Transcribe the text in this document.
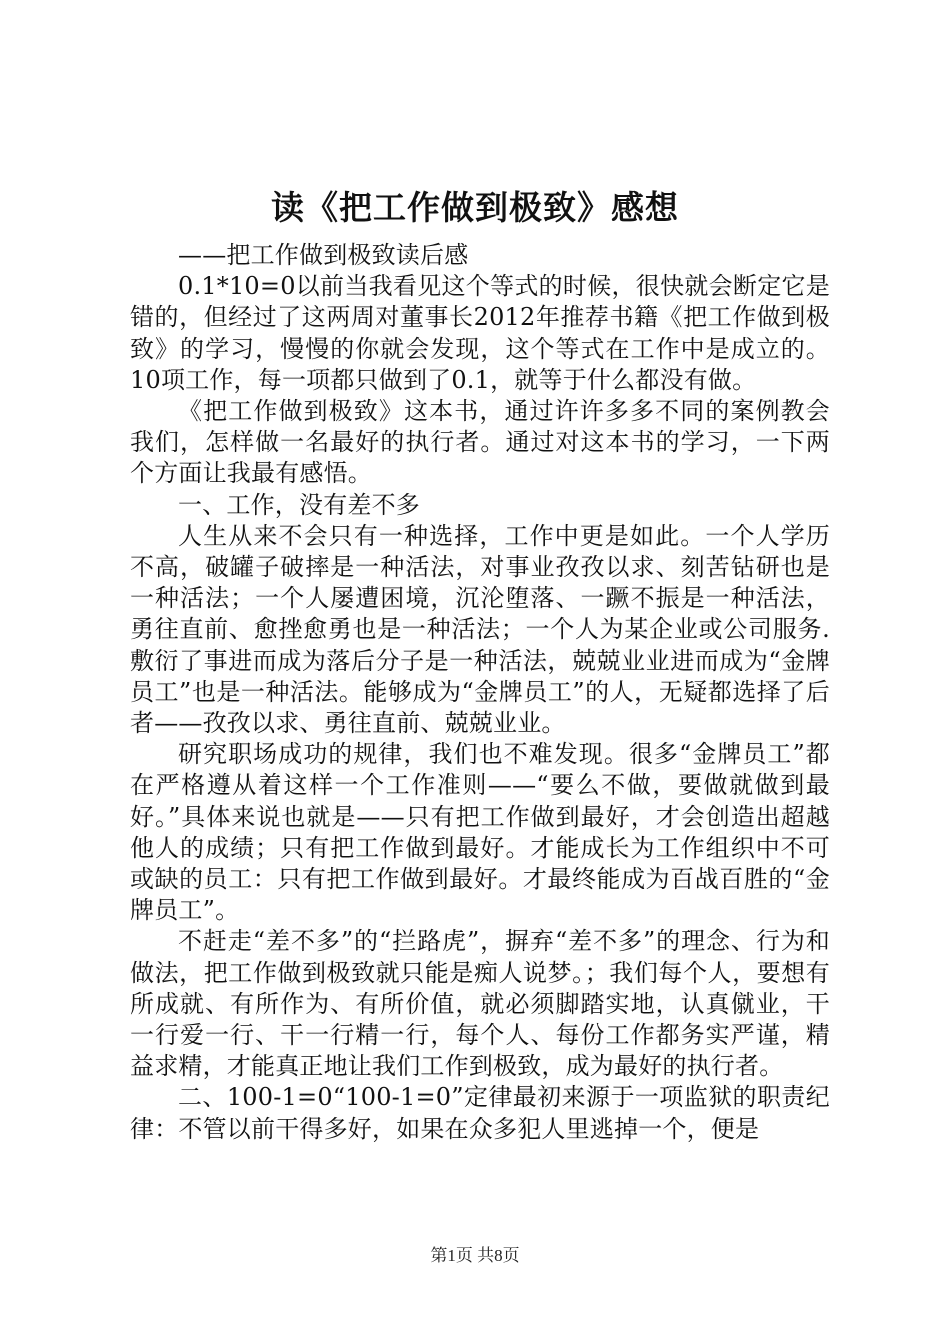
读《把工作做到极致》感想

——把工作做到极致读后感

0.1*10=0以前当我看见这个等式的时候，很快就会断定它是错的，但经过了这两周对董事长2012年推荐书籍《把工作做到极致》的学习，慢慢的你就会发现，这个等式在工作中是成立的。10项工作，每一项都只做到了0.1，就等于什么都没有做。

《把工作做到极致》这本书，通过许许多多不同的案例教会我们，怎样做一名最好的执行者。通过对这本书的学习，一下两个方面让我最有感悟。

一、工作，没有差不多

人生从来不会只有一种选择，工作中更是如此。一个人学历不高，破罐子破摔是一种活法，对事业孜孜以求、刻苦钻研也是一种活法；一个人屡遭困境，沉沦堕落、一蹶不振是一种活法，勇往直前、愈挫愈勇也是一种活法；一个人为某企业或公司服务.敷衍了事进而成为落后分子是一种活法，兢兢业业进而成为“金牌员工”也是一种活法。能够成为“金牌员工”的人，无疑都选择了后者——孜孜以求、勇往直前、兢兢业业。

研究职场成功的规律，我们也不难发现。很多“金牌员工”都在严格遵从着这样一个工作准则——“要么不做，要做就做到最好。”具体来说也就是——只有把工作做到最好，才会创造出超越他人的成绩；只有把工作做到最好。才能成长为工作组织中不可或缺的员工：只有把工作做到最好。才最终能成为百战百胜的“金牌员工”。

不赶走“差不多”的“拦路虎”，摒弃“差不多”的理念、行为和做法，把工作做到极致就只能是痴人说梦。；我们每个人，要想有所成就、有所作为、有所价值，就必须脚踏实地，认真僦业，干一行爱一行、干一行精一行，每个人、每份工作都务实严谨，精益求精，才能真正地让我们工作到极致，成为最好的执行者。

二、100-1=0“100-1=0”定律最初来源于一项监狱的职责纪律：不管以前干得多好，如果在众多犯人里逃掉一个，便是

第1页 共8页
